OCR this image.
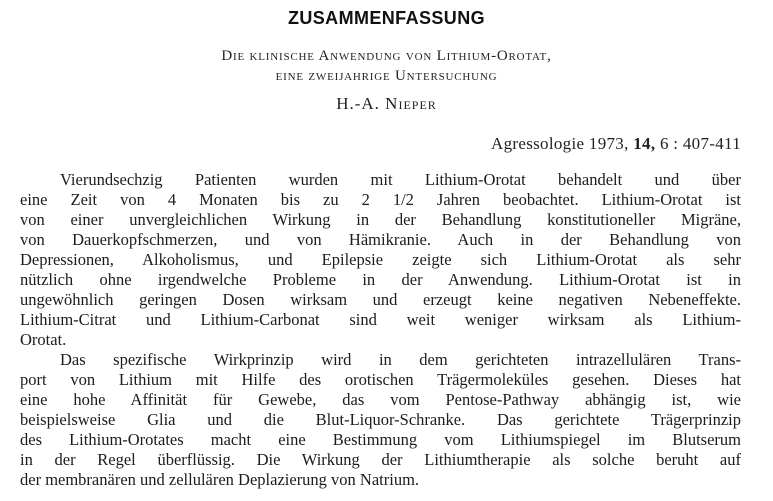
ZUSAMMENFASSUNG
Die klinische Anwendung von Lithium-Orotat,
eine zweijahrige Untersuchung
H.-A. Nieper
Agressologie 1973, 14, 6 : 407-411
Vierundsechzig Patienten wurden mit Lithium-Orotat behandelt und über
eine Zeit von 4 Monaten bis zu 2 1/2 Jahren beobachtet. Lithium-Orotat ist
von einer unvergleichlichen Wirkung in der Behandlung konstitutioneller Migräne,
von Dauerkopfschmerzen, und von Hämikranie. Auch in der Behandlung von
Depressionen, Alkoholismus, und Epilepsie zeigte sich Lithium-Orotat als sehr
nützlich ohne irgendwelche Probleme in der Anwendung. Lithium-Orotat ist in
ungewöhnlich geringen Dosen wirksam und erzeugt keine negativen Nebeneffekte.
Lithium-Citrat und Lithium-Carbonat sind weit weniger wirksam als Lithium-
Orotat.
Das spezifische Wirkprinzip wird in dem gerichteten intrazellulären Trans-
port von Lithium mit Hilfe des orotischen Trägermoleküles gesehen. Dieses hat
eine hohe Affinität für Gewebe, das vom Pentose-Pathway abhängig ist, wie
beispielsweise Glia und die Blut-Liquor-Schranke. Das gerichtete Trägerprinzip
des Lithium-Orotates macht eine Bestimmung vom Lithiumspiegel im Blutserum
in der Regel überflüssig. Die Wirkung der Lithiumtherapie als solche beruht auf
der membranären und zellulären Deplazierung von Natrium.
